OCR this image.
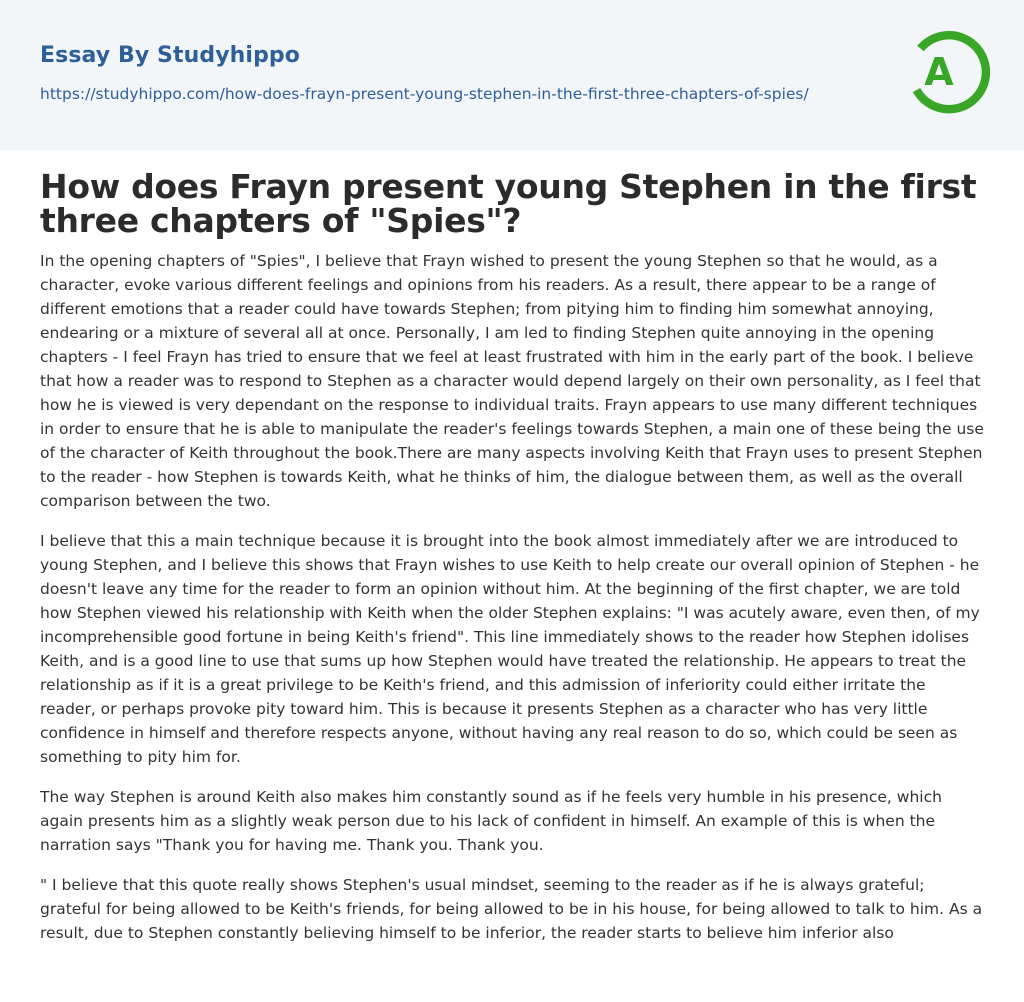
Essay By Studyhippo
https://studyhippo.com/how-does-frayn-present-young-stephen-in-the-first-three-chapters-of-spies/	A
How does Frayn present young Stephen in the first three chapters of "Spies"?

In the opening chapters of "Spies", I believe that Frayn wished to present the young Stephen so that he would, as a character, evoke various different feelings and opinions from his readers. As a result, there appear to be a range of different emotions that a reader could have towards Stephen; from pitying him to finding him somewhat annoying, endearing or a mixture of several all at once. Personally, I am led to finding Stephen quite annoying in the opening chapters - I feel Frayn has tried to ensure that we feel at least frustrated with him in the early part of the book. I believe that how a reader was to respond to Stephen as a character would depend largely on their own personality, as I feel that how he is viewed is very dependant on the response to individual traits. Frayn appears to use many different techniques in order to ensure that he is able to manipulate the reader's feelings towards Stephen, a main one of these being the use of the character of Keith throughout the book.There are many aspects involving Keith that Frayn uses to present Stephen to the reader - how Stephen is towards Keith, what he thinks of him, the dialogue between them, as well as the overall comparison between the two.

I believe that this a main technique because it is brought into the book almost immediately after we are introduced to young Stephen, and I believe this shows that Frayn wishes to use Keith to help create our overall opinion of Stephen - he doesn't leave any time for the reader to form an opinion without him. At the beginning of the first chapter, we are told how Stephen viewed his relationship with Keith when the older Stephen explains: "I was acutely aware, even then, of my incomprehensible good fortune in being Keith's friend". This line immediately shows to the reader how Stephen idolises Keith, and is a good line to use that sums up how Stephen would have treated the relationship. He appears to treat the relationship as if it is a great privilege to be Keith's friend, and this admission of inferiority could either irritate the reader, or perhaps provoke pity toward him. This is because it presents Stephen as a character who has very little confidence in himself and therefore respects anyone, without having any real reason to do so, which could be seen as something to pity him for.

The way Stephen is around Keith also makes him constantly sound as if he feels very humble in his presence, which again presents him as a slightly weak person due to his lack of confident in himself. An example of this is when the narration says "Thank you for having me. Thank you. Thank you.

" I believe that this quote really shows Stephen's usual mindset, seeming to the reader as if he is always grateful; grateful for being allowed to be Keith's friends, for being allowed to be in his house, for being allowed to talk to him. As a result, due to Stephen constantly believing himself to be inferior, the reader starts to believe him inferior also
